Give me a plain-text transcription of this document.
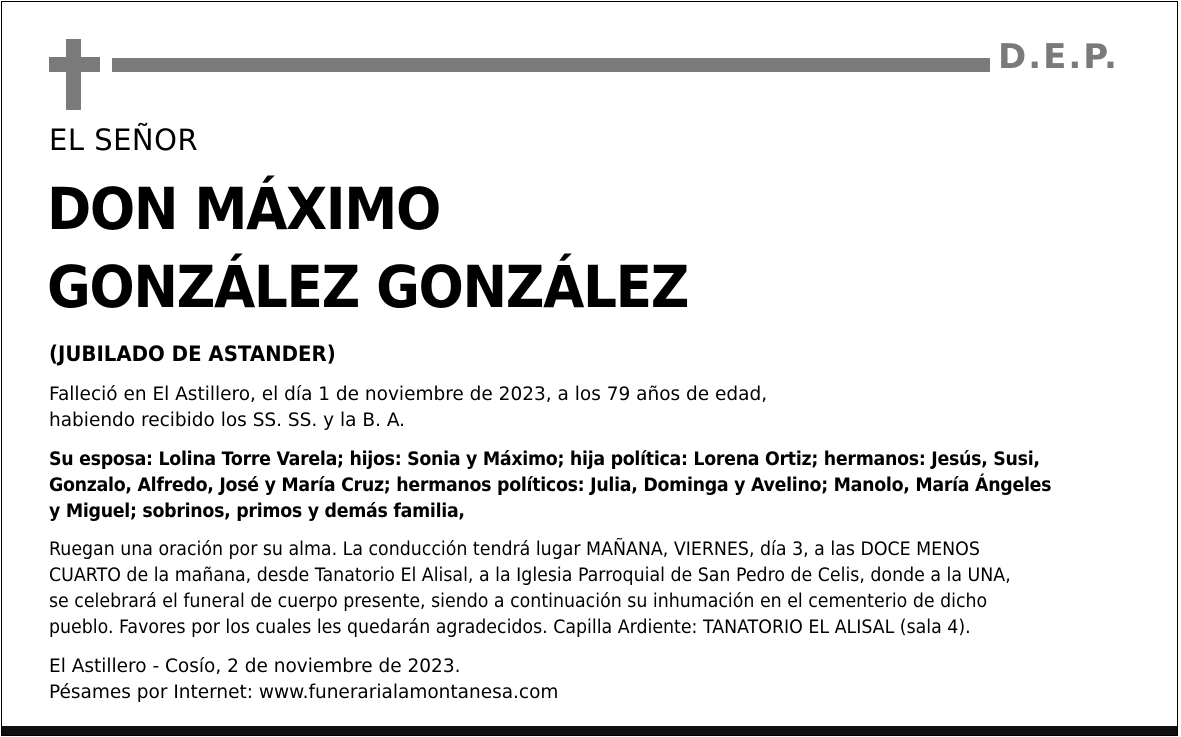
D.E.P.
EL SEÑOR
DON MÁXIMO
GONZÁLEZ GONZÁLEZ
(JUBILADO DE ASTANDER)
Falleció en El Astillero, el día 1 de noviembre de 2023, a los 79 años de edad,
habiendo recibido los SS. SS. y la B. A.
Su esposa: Lolina Torre Varela; hijos: Sonia y Máximo; hija política: Lorena Ortiz; hermanos: Jesús, Susi,
Gonzalo, Alfredo, José y María Cruz; hermanos políticos: Julia, Dominga y Avelino; Manolo, María Ángeles
y Miguel; sobrinos, primos y demás familia,
Ruegan una oración por su alma. La conducción tendrá lugar MAÑANA, VIERNES, día 3, a las DOCE MENOS
CUARTO de la mañana, desde Tanatorio El Alisal, a la Iglesia Parroquial de San Pedro de Celis, donde a la UNA,
se celebrará el funeral de cuerpo presente, siendo a continuación su inhumación en el cementerio de dicho
pueblo. Favores por los cuales les quedarán agradecidos. Capilla Ardiente: TANATORIO EL ALISAL (sala 4).
El Astillero - Cosío, 2 de noviembre de 2023.
Pésames por Internet: www.funerarialamontanesa.com
